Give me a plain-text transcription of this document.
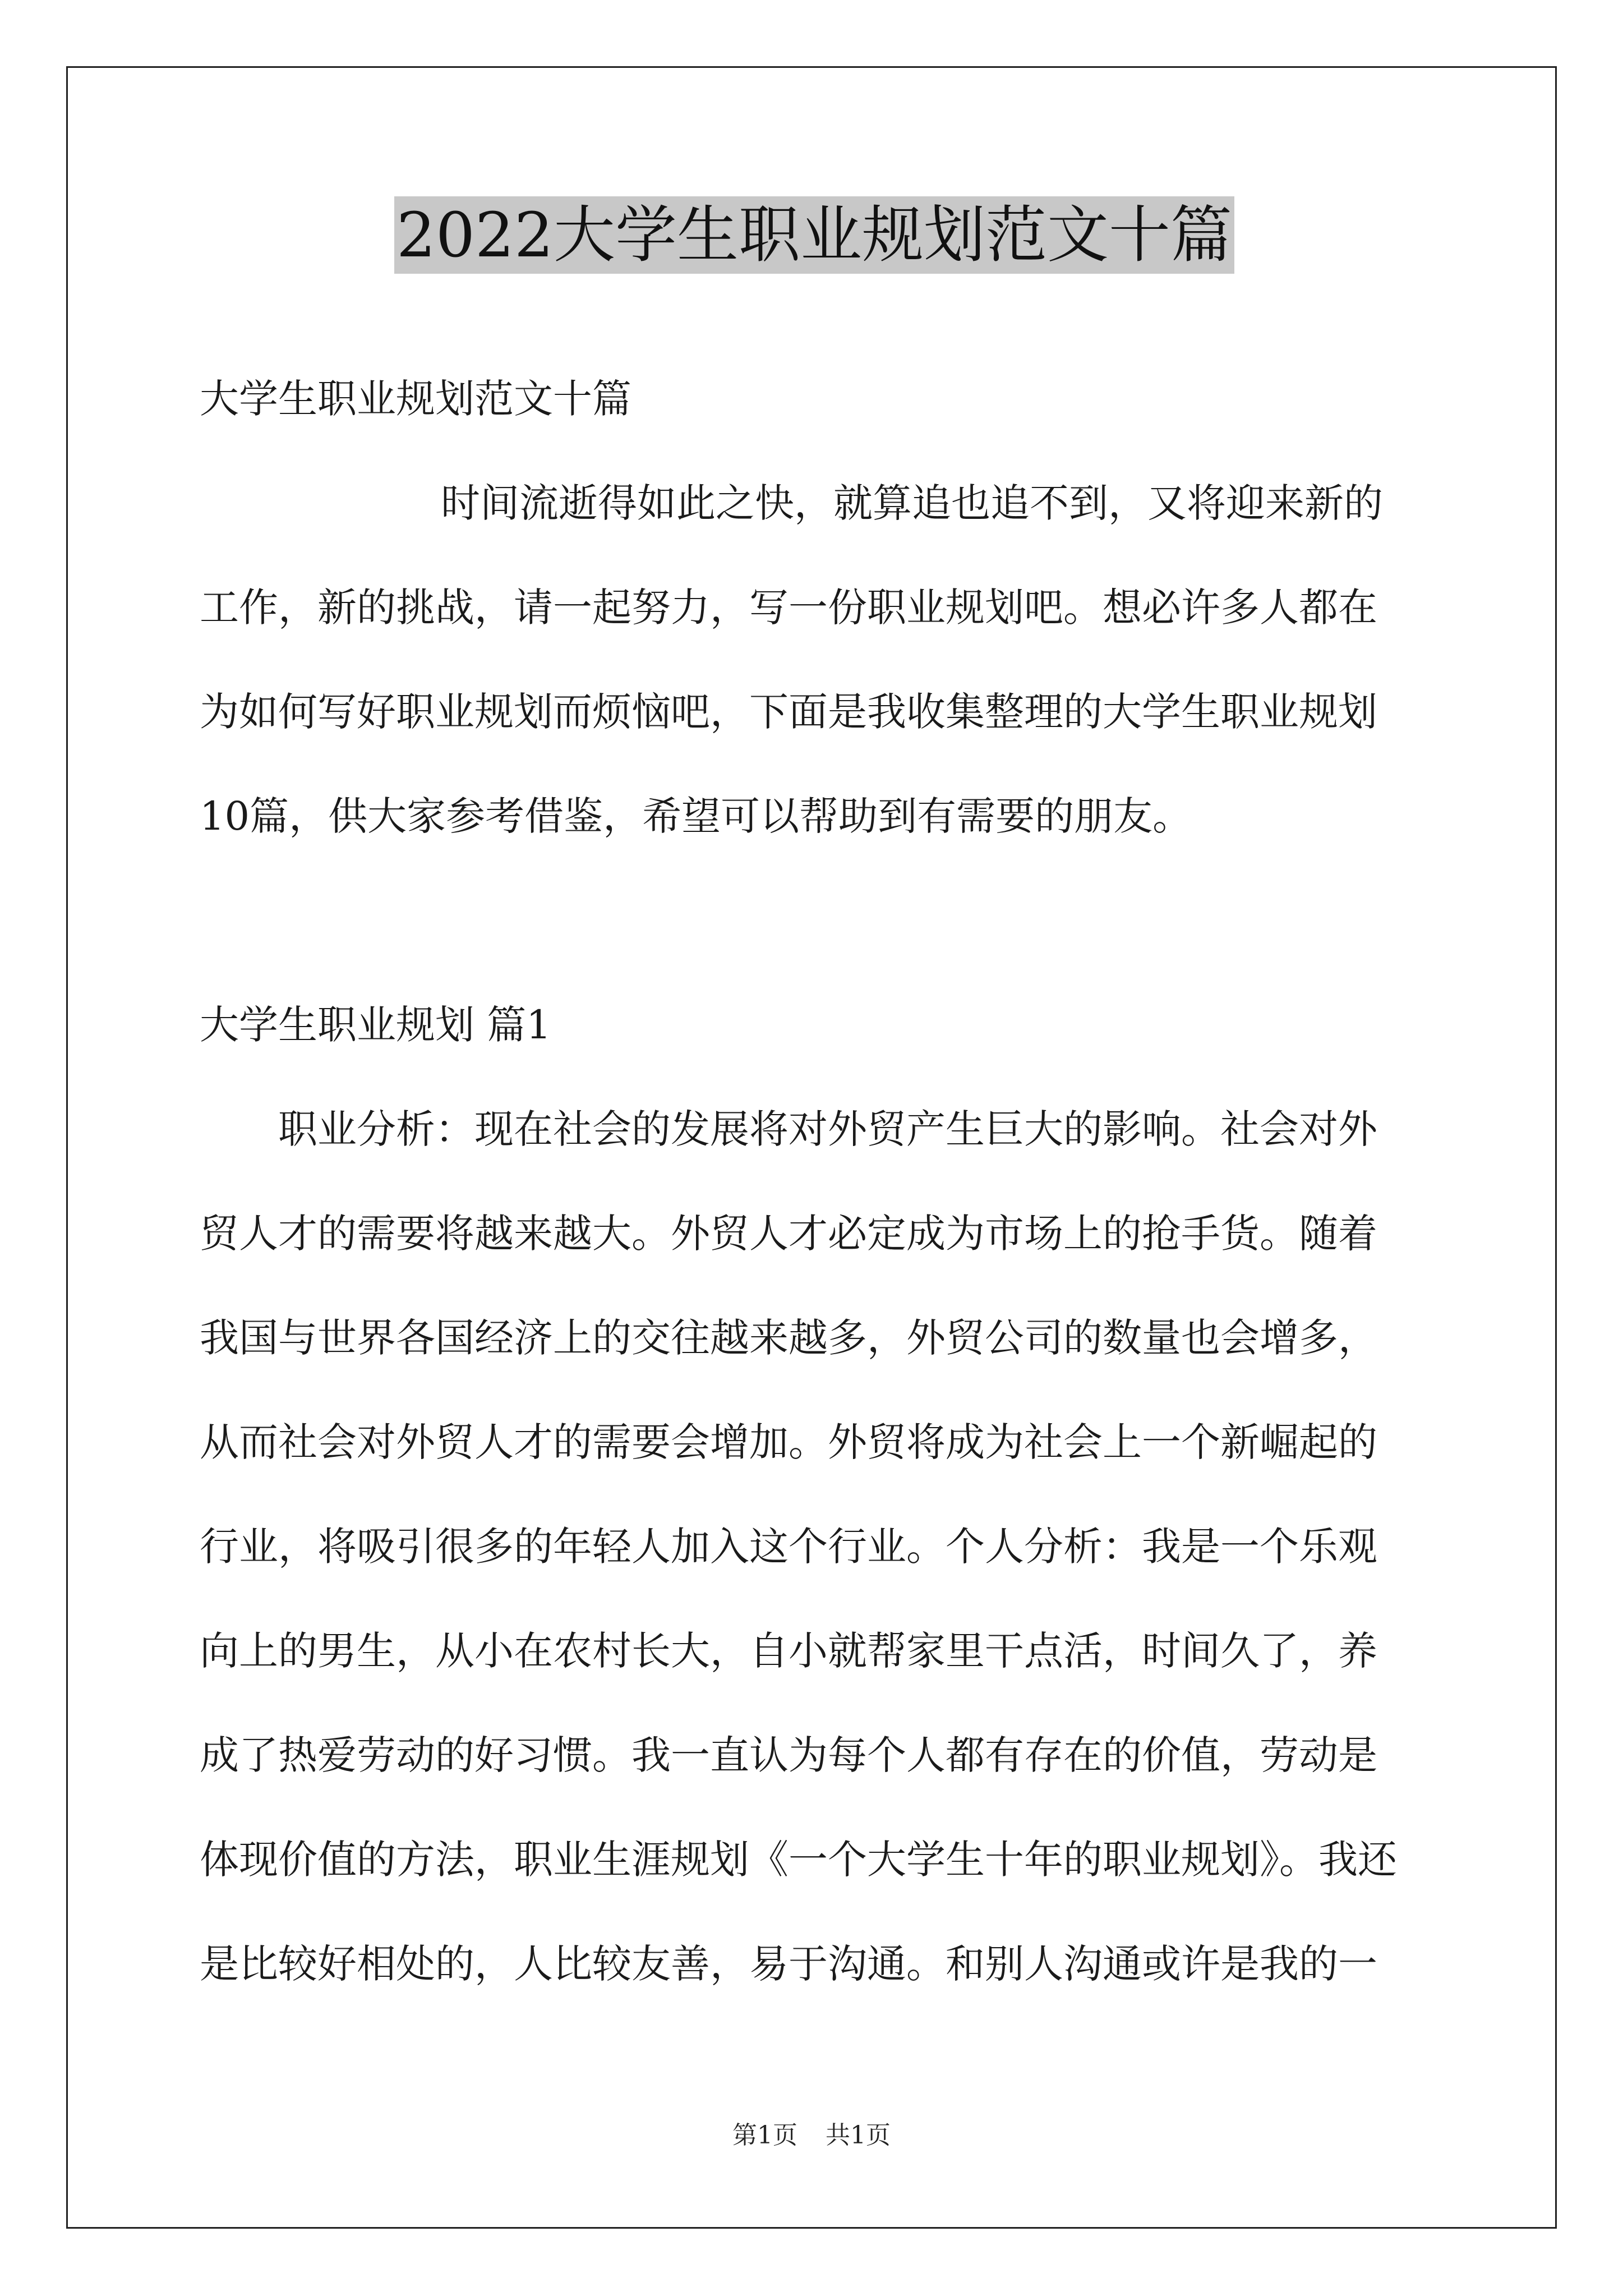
2022大学生职业规划范文十篇
大学生职业规划范文十篇
时间流逝得如此之快，就算追也追不到，又将迎来新的
工作，新的挑战，请一起努力，写一份职业规划吧。想必许多人都在
为如何写好职业规划而烦恼吧，下面是我收集整理的大学生职业规划
10篇，供大家参考借鉴，希望可以帮助到有需要的朋友。
大学生职业规划 篇1
职业分析：现在社会的发展将对外贸产生巨大的影响。社会对外
贸人才的需要将越来越大。外贸人才必定成为市场上的抢手货。随着
我国与世界各国经济上的交往越来越多，外贸公司的数量也会增多，
从而社会对外贸人才的需要会增加。外贸将成为社会上一个新崛起的
行业，将吸引很多的年轻人加入这个行业。个人分析：我是一个乐观
向上的男生，从小在农村长大，自小就帮家里干点活，时间久了，养
成了热爱劳动的好习惯。我一直认为每个人都有存在的价值，劳动是
体现价值的方法，职业生涯规划《一个大学生十年的职业规划》。我还
是比较好相处的，人比较友善，易于沟通。和别人沟通或许是我的一
第1页 共1页
